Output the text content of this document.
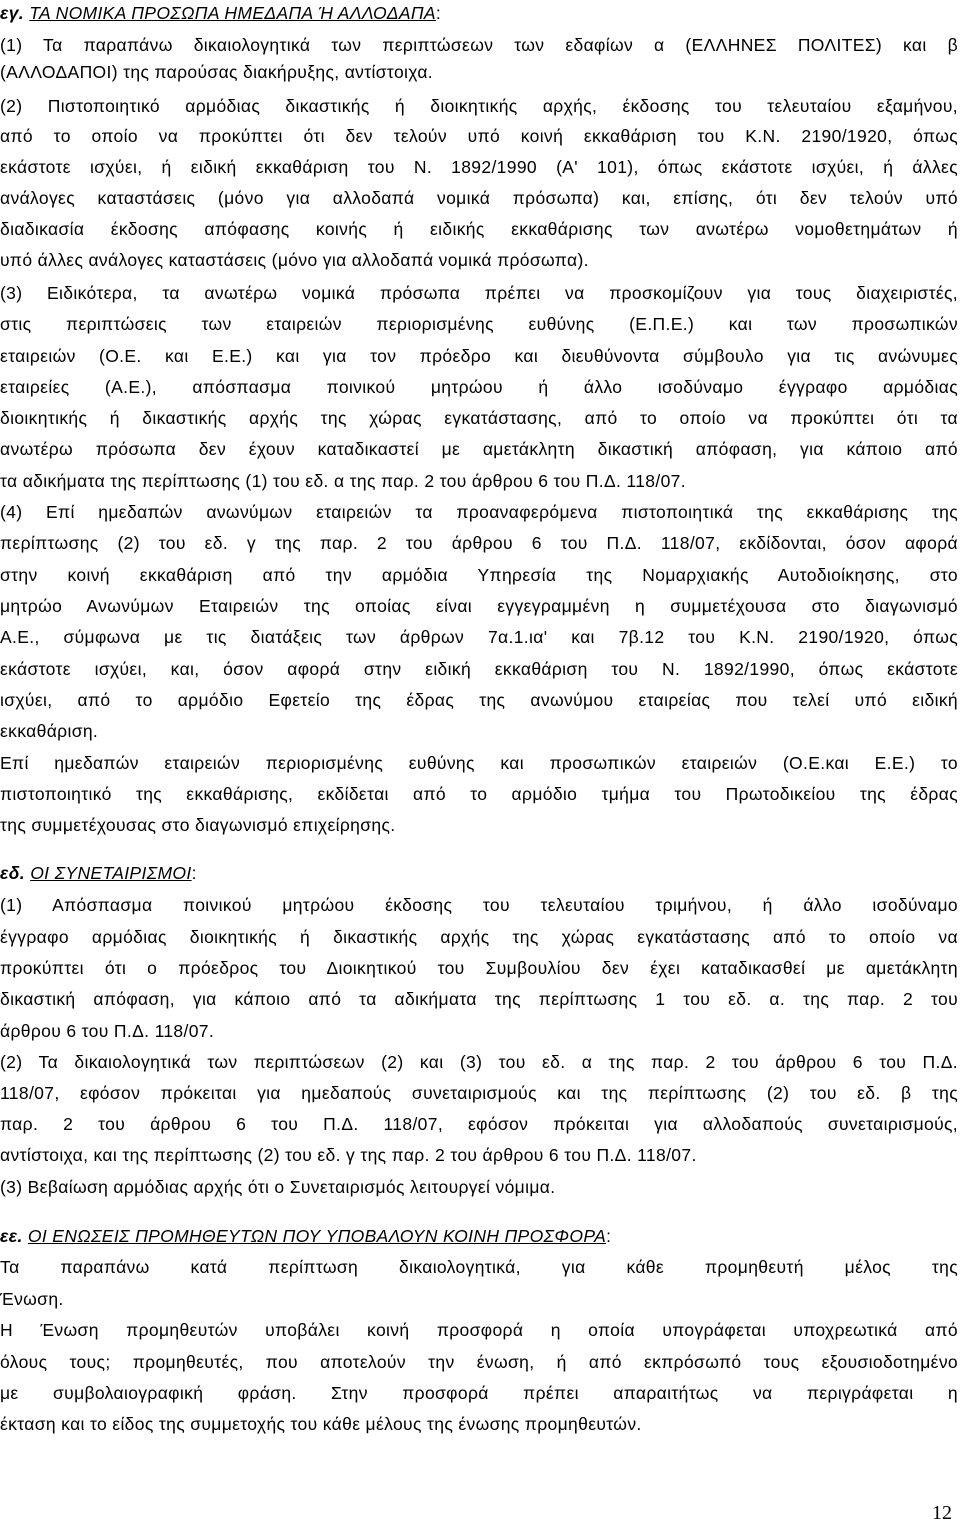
εγ. ΤΑ ΝΟΜΙΚΑ ΠΡΟΣΩΠΑ ΗΜΕΔΑΠΑ Ή ΑΛΛΟΔΑΠΑ:
(1) Τα παραπάνω δικαιολογητικά των περιπτώσεων των εδαφίων α (ΕΛΛΗΝΕΣ ΠΟΛΙΤΕΣ) και β
(ΑΛΛΟΔΑΠΟΙ) της παρούσας διακήρυξης, αντίστοιχα.
(2) Πιστοποιητικό αρμόδιας δικαστικής ή διοικητικής αρχής, έκδοσης του τελευταίου εξαμήνου,
από το οποίο να προκύπτει ότι δεν τελούν υπό κοινή εκκαθάριση του Κ.Ν. 2190/1920, όπως
εκάστοτε ισχύει, ή ειδική εκκαθάριση του Ν. 1892/1990 (Α' 101), όπως εκάστοτε ισχύει, ή άλλες
ανάλογες καταστάσεις (μόνο για αλλοδαπά νομικά πρόσωπα) και, επίσης, ότι δεν τελούν υπό
διαδικασία έκδοσης απόφασης κοινής ή ειδικής εκκαθάρισης των ανωτέρω νομοθετημάτων ή
υπό άλλες ανάλογες καταστάσεις (μόνο για αλλοδαπά νομικά πρόσωπα).
(3) Ειδικότερα, τα ανωτέρω νομικά πρόσωπα πρέπει να προσκομίζουν για τους διαχειριστές,
στις περιπτώσεις των εταιρειών περιορισμένης ευθύνης (Ε.Π.Ε.) και των προσωπικών
εταιρειών (Ο.Ε. και Ε.Ε.) και για τον πρόεδρο και διευθύνοντα σύμβουλο για τις ανώνυμες
εταιρείες (Α.Ε.), απόσπασμα ποινικού μητρώου ή άλλο ισοδύναμο έγγραφο αρμόδιας
διοικητικής ή δικαστικής αρχής της χώρας εγκατάστασης, από το οποίο να προκύπτει ότι τα
ανωτέρω πρόσωπα δεν έχουν καταδικαστεί με αμετάκλητη δικαστική απόφαση, για κάποιο από
τα αδικήματα της περίπτωσης (1) του εδ. α της παρ. 2 του άρθρου 6 του Π.Δ. 118/07.
(4) Επί ημεδαπών ανωνύμων εταιρειών τα προαναφερόμενα πιστοποιητικά της εκκαθάρισης της
περίπτωσης (2) του εδ. γ της παρ. 2 του άρθρου 6 του Π.Δ. 118/07, εκδίδονται, όσον αφορά
στην κοινή εκκαθάριση από την αρμόδια Υπηρεσία της Νομαρχιακής Αυτοδιοίκησης, στο
μητρώο Ανωνύμων Εταιρειών της οποίας είναι εγγεγραμμένη η συμμετέχουσα στο διαγωνισμό
Α.Ε., σύμφωνα με τις διατάξεις των άρθρων 7α.1.ια' και 7β.12 του Κ.Ν. 2190/1920, όπως
εκάστοτε ισχύει, και, όσον αφορά στην ειδική εκκαθάριση του Ν. 1892/1990, όπως εκάστοτε
ισχύει, από το αρμόδιο Εφετείο της έδρας της ανωνύμου εταιρείας που τελεί υπό ειδική
εκκαθάριση.
Επί ημεδαπών εταιρειών περιορισμένης ευθύνης και προσωπικών εταιρειών (Ο.Ε.και Ε.Ε.) το
πιστοποιητικό της εκκαθάρισης, εκδίδεται από το αρμόδιο τμήμα του Πρωτοδικείου της έδρας
της συμμετέχουσας στο διαγωνισμό επιχείρησης.
εδ. ΟΙ ΣΥΝΕΤΑΙΡΙΣΜΟΙ:
(1) Απόσπασμα ποινικού μητρώου έκδοσης του τελευταίου τριμήνου, ή άλλο ισοδύναμο
έγγραφο αρμόδιας διοικητικής ή δικαστικής αρχής της χώρας εγκατάστασης από το οποίο να
προκύπτει ότι ο πρόεδρος του Διοικητικού του Συμβουλίου δεν έχει καταδικασθεί με αμετάκλητη
δικαστική απόφαση, για κάποιο από τα αδικήματα της περίπτωσης 1 του εδ. α. της παρ. 2 του
άρθρου 6 του Π.Δ. 118/07.
(2) Τα δικαιολογητικά των περιπτώσεων (2) και (3) του εδ. α της παρ. 2 του άρθρου 6 του Π.Δ.
118/07, εφόσον πρόκειται για ημεδαπούς συνεταιρισμούς και της περίπτωσης (2) του εδ. β της
παρ. 2 του άρθρου 6 του Π.Δ. 118/07, εφόσον πρόκειται για αλλοδαπούς συνεταιρισμούς,
αντίστοιχα, και της περίπτωσης (2) του εδ. γ της παρ. 2 του άρθρου 6 του Π.Δ. 118/07.
(3) Βεβαίωση αρμόδιας αρχής ότι ο Συνεταιρισμός λειτουργεί νόμιμα.
εε. ΟΙ ΕΝΩΣΕΙΣ ΠΡΟΜΗΘΕΥΤΩΝ ΠΟΥ ΥΠΟΒΑΛΟΥΝ ΚΟΙΝΗ ΠΡΟΣΦΟΡΑ:
Τα παραπάνω κατά περίπτωση δικαιολογητικά, για κάθε προμηθευτή μέλος της
Ένωση.
Η Ένωση προμηθευτών υποβάλει κοινή προσφορά η οποία υπογράφεται υποχρεωτικά από
όλους τους; προμηθευτές, που αποτελούν την ένωση, ή από εκπρόσωπό τους εξουσιοδοτημένο
με συμβολαιογραφική φράση. Στην προσφορά πρέπει απαραιτήτως να περιγράφεται η
έκταση και το είδος της συμμετοχής του κάθε μέλους της ένωσης προμηθευτών.
12
